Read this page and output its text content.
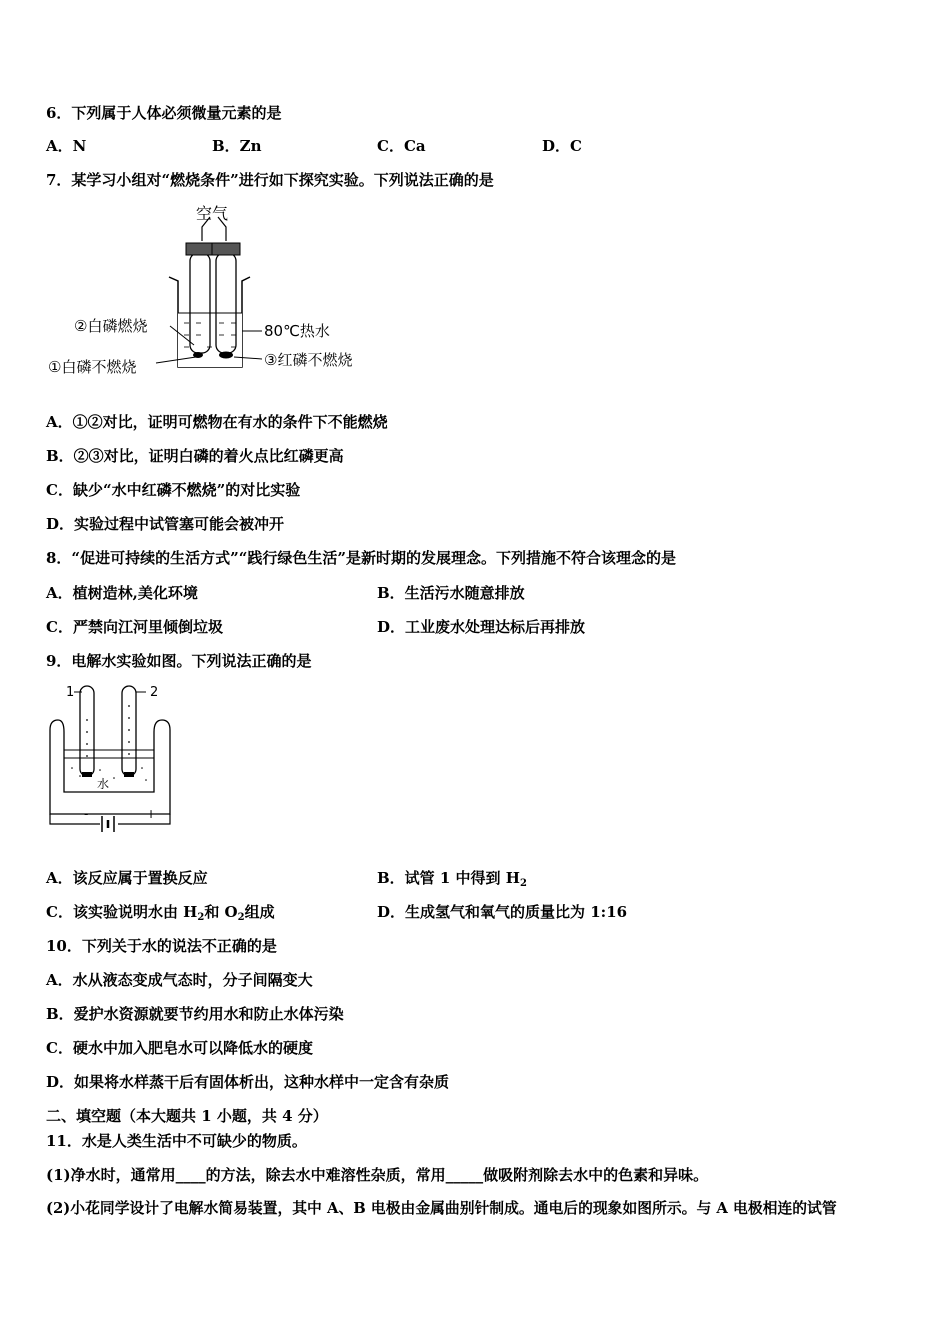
6．下列属于人体必须微量元素的是
A．N	B．Zn	C．Ca	D．C
7．某学习小组对“燃烧条件”进行如下探究实验。下列说法正确的是
空气
②白磷燃烧	80℃热水
①白磷不燃烧	③红磷不燃烧
A．①②对比，证明可燃物在有水的条件下不能燃烧
B．②③对比，证明白磷的着火点比红磷更高
C．缺少“水中红磷不燃烧”的对比实验
D．实验过程中试管塞可能会被冲开
8．“促进可持续的生活方式”“践行绿色生活”是新时期的发展理念。下列措施不符合该理念的是
A．植树造林,美化环境	B．生活污水随意排放
C．严禁向江河里倾倒垃圾	D．工业废水处理达标后再排放
9．电解水实验如图。下列说法正确的是
水
1	2
-	+
A．该反应属于置换反应	B．试管 1 中得到 $H_2$
C．该实验说明水由 $H_2$和 $O_2$组成	D．生成氢气和氧气的质量比为 1:16
10．下列关于水的说法不正确的是
A．水从液态变成气态时，分子间隔变大
B．爱护水资源就要节约用水和防止水体污染
C．硬水中加入肥皂水可以降低水的硬度
D．如果将水样蒸干后有固体析出，这种水样中一定含有杂质
二、填空题（本大题共 1 小题，共 4 分）
11．水是人类生活中不可缺少的物质。
(1)净水时，通常用____的方法，除去水中难溶性杂质，常用_____做吸附剂除去水中的色素和异味。
(2)小花同学设计了电解水简易装置，其中 A、B 电极由金属曲别针制成。通电后的现象如图所示。与 A 电极相连的试管
